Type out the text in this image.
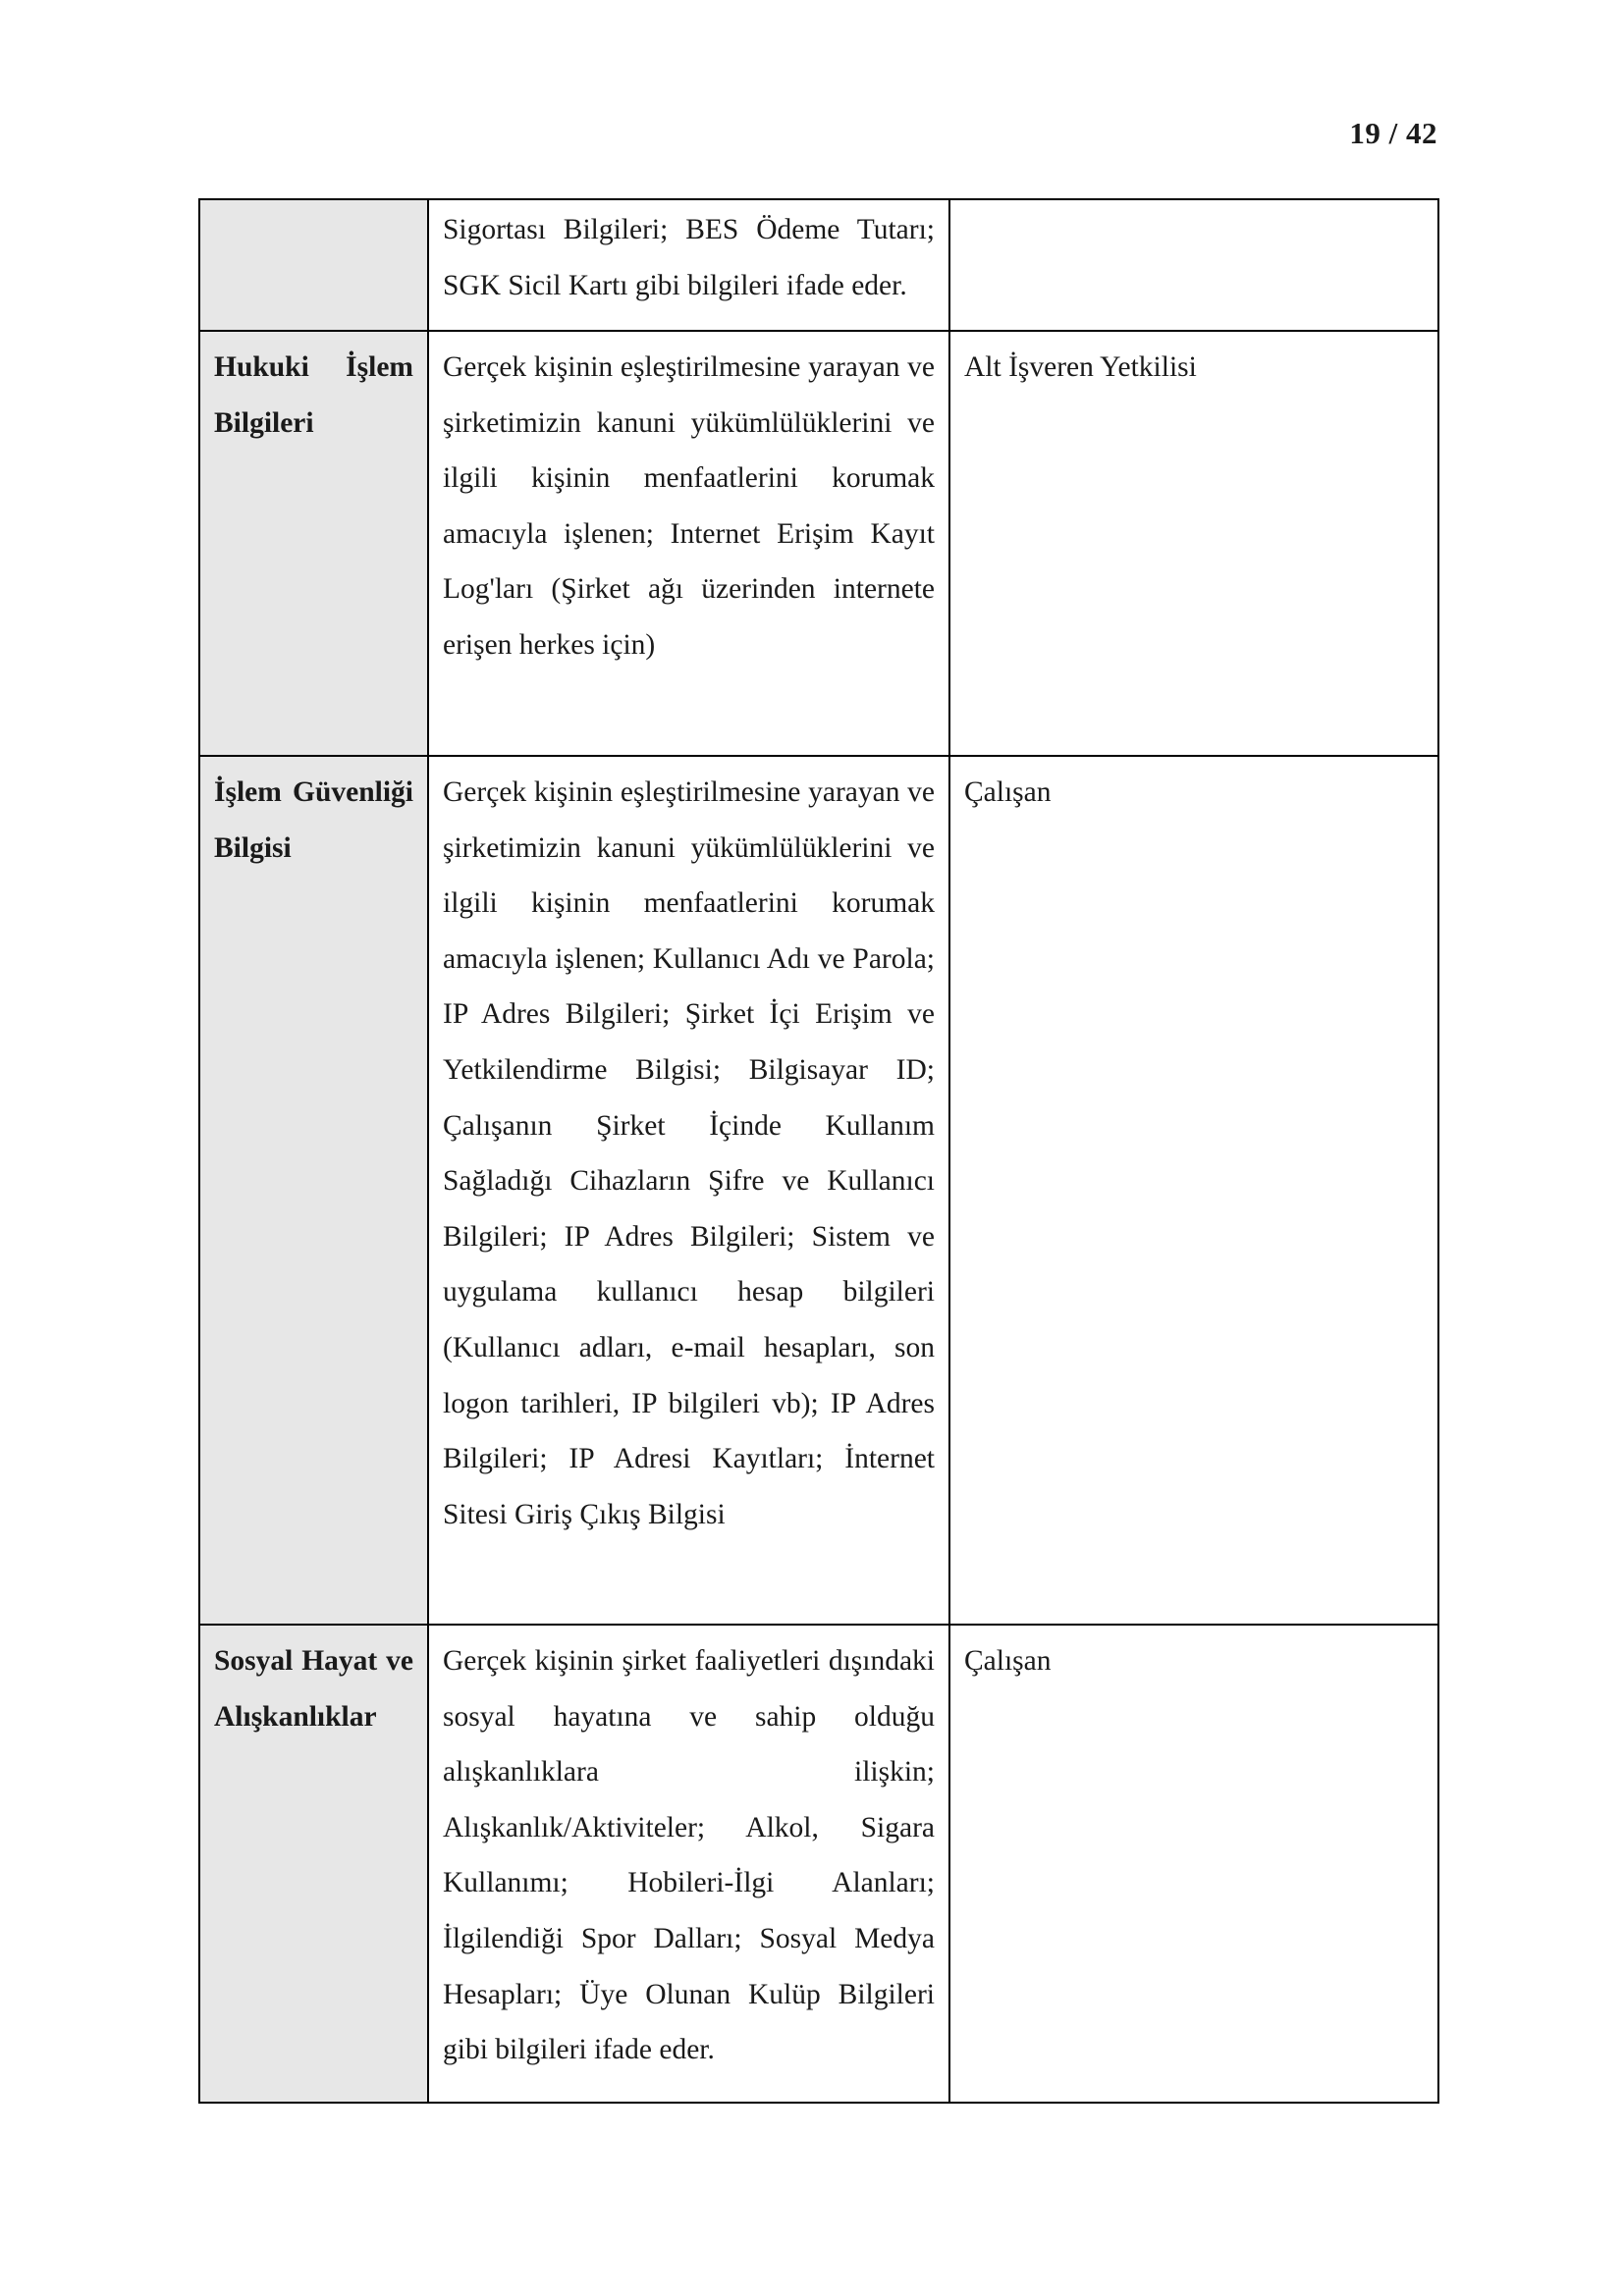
19 / 42

	Sigortası Bilgileri; BES Ödeme Tutarı; SGK Sicil Kartı gibi bilgileri ifade eder.	

Hukuki İşlem Bilgileri	Gerçek kişinin eşleştirilmesine yarayan ve şirketimizin kanuni yükümlülüklerini ve ilgili kişinin menfaatlerini korumak amacıyla işlenen; Internet Erişim Kayıt Log'ları (Şirket ağı üzerinden internete erişen herkes için)	Alt İşveren Yetkilisi

İşlem Güvenliği Bilgisi	Gerçek kişinin eşleştirilmesine yarayan ve şirketimizin kanuni yükümlülüklerini ve ilgili kişinin menfaatlerini korumak amacıyla işlenen; Kullanıcı Adı ve Parola; IP Adres Bilgileri; Şirket İçi Erişim ve Yetkilendirme Bilgisi; Bilgisayar ID; Çalışanın Şirket İçinde Kullanım Sağladığı Cihazların Şifre ve Kullanıcı Bilgileri; IP Adres Bilgileri; Sistem ve uygulama kullanıcı hesap bilgileri (Kullanıcı adları, e-mail hesapları, son logon tarihleri, IP bilgileri vb); IP Adres Bilgileri; IP Adresi Kayıtları; İnternet Sitesi Giriş Çıkış Bilgisi	Çalışan

Sosyal Hayat ve Alışkanlıklar	Gerçek kişinin şirket faaliyetleri dışındaki sosyal hayatına ve sahip olduğu alışkanlıklara ilişkin; Alışkanlık/Aktiviteler; Alkol, Sigara Kullanımı; Hobileri-İlgi Alanları; İlgilendiği Spor Dalları; Sosyal Medya Hesapları; Üye Olunan Kulüp Bilgileri gibi bilgileri ifade eder.	Çalışan
